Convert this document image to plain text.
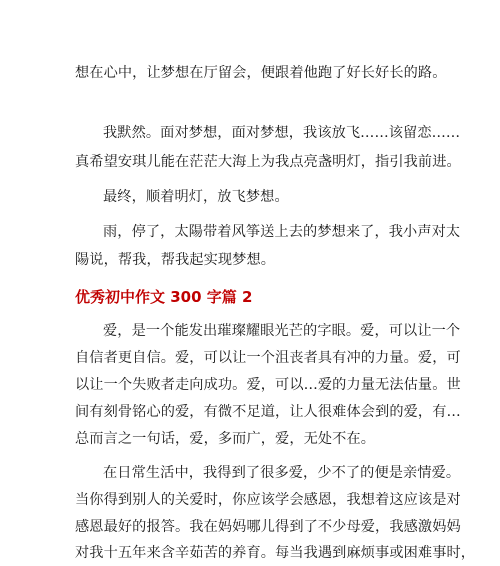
想在心中，让梦想在厅留会，便跟着他跑了好长好长的路。
我默然。面对梦想，面对梦想，我该放飞……该留恋……
真希望安琪儿能在茫茫大海上为我点亮盏明灯，指引我前进。
最终，顺着明灯，放飞梦想。
雨，停了，太陽带着风筝送上去的梦想来了，我小声对太
陽说，帮我，帮我起实现梦想。
优秀初中作文 300 字篇 2
爱，是一个能发出璀璨耀眼光芒的字眼。爱，可以让一个
自信者更自信。爱，可以让一个沮丧者具有冲的力量。爱，可
以让一个失败者走向成功。爱，可以…爱的力量无法估量。世
间有刻骨铭心的爱，有微不足道，让人很难体会到的爱，有…
总而言之一句话，爱，多而广，爱，无处不在。
在日常生活中，我得到了很多爱，少不了的便是亲情爱。
当你得到别人的关爱时，你应该学会感恩，我想着这应该是对
感恩最好的报答。我在妈妈哪儿得到了不少母爱，我感激妈妈
对我十五年来含辛茹苦的养育。每当我遇到麻烦事或困难事时，
